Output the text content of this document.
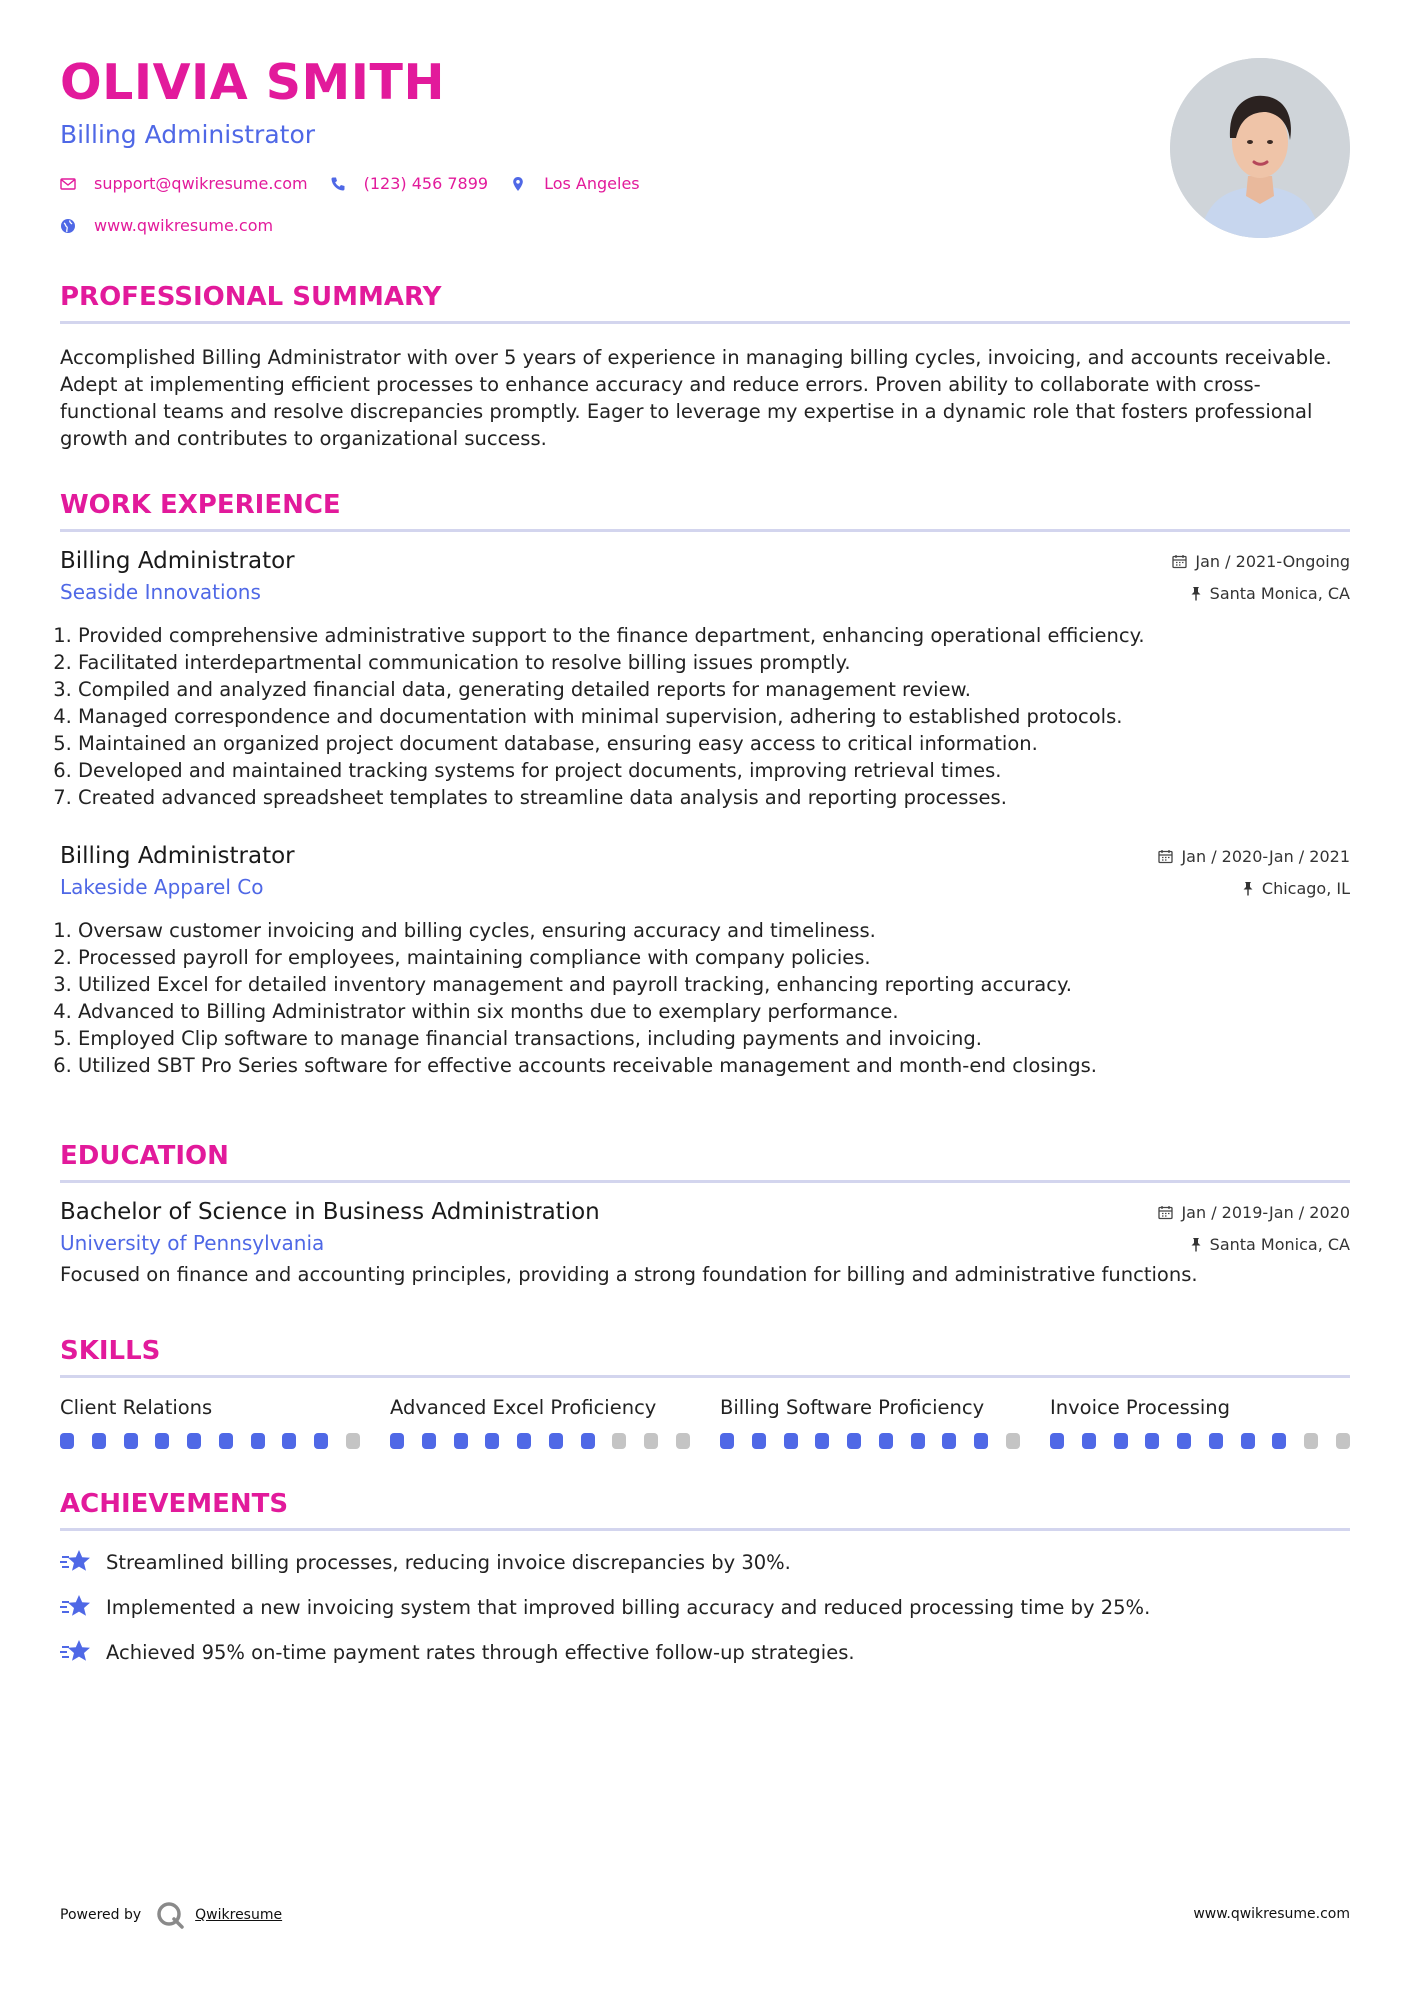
OLIVIA SMITH
Billing Administrator
support@qwikresume.com	(123) 456 7899	Los Angeles
www.qwikresume.com
PROFESSIONAL SUMMARY
Accomplished Billing Administrator with over 5 years of experience in managing billing cycles, invoicing, and accounts receivable. Adept at implementing efficient processes to enhance accuracy and reduce errors. Proven ability to collaborate with cross-functional teams and resolve discrepancies promptly. Eager to leverage my expertise in a dynamic role that fosters professional growth and contributes to organizational success.
WORK EXPERIENCE
Billing Administrator
Seaside Innovations
Jan / 2021-Ongoing
Santa Monica, CA
1. Provided comprehensive administrative support to the finance department, enhancing operational efficiency.
2. Facilitated interdepartmental communication to resolve billing issues promptly.
3. Compiled and analyzed financial data, generating detailed reports for management review.
4. Managed correspondence and documentation with minimal supervision, adhering to established protocols.
5. Maintained an organized project document database, ensuring easy access to critical information.
6. Developed and maintained tracking systems for project documents, improving retrieval times.
7. Created advanced spreadsheet templates to streamline data analysis and reporting processes.
Billing Administrator
Lakeside Apparel Co
Jan / 2020-Jan / 2021
Chicago, IL
1. Oversaw customer invoicing and billing cycles, ensuring accuracy and timeliness.
2. Processed payroll for employees, maintaining compliance with company policies.
3. Utilized Excel for detailed inventory management and payroll tracking, enhancing reporting accuracy.
4. Advanced to Billing Administrator within six months due to exemplary performance.
5. Employed Clip software to manage financial transactions, including payments and invoicing.
6. Utilized SBT Pro Series software for effective accounts receivable management and month-end closings.
EDUCATION
Bachelor of Science in Business Administration
University of Pennsylvania
Jan / 2019-Jan / 2020
Santa Monica, CA
Focused on finance and accounting principles, providing a strong foundation for billing and administrative functions.
SKILLS
Client Relations	Advanced Excel Proficiency	Billing Software Proficiency	Invoice Processing
ACHIEVEMENTS
Streamlined billing processes, reducing invoice discrepancies by 30%.
Implemented a new invoicing system that improved billing accuracy and reduced processing time by 25%.
Achieved 95% on-time payment rates through effective follow-up strategies.
Powered by	Qwikresume	www.qwikresume.com
